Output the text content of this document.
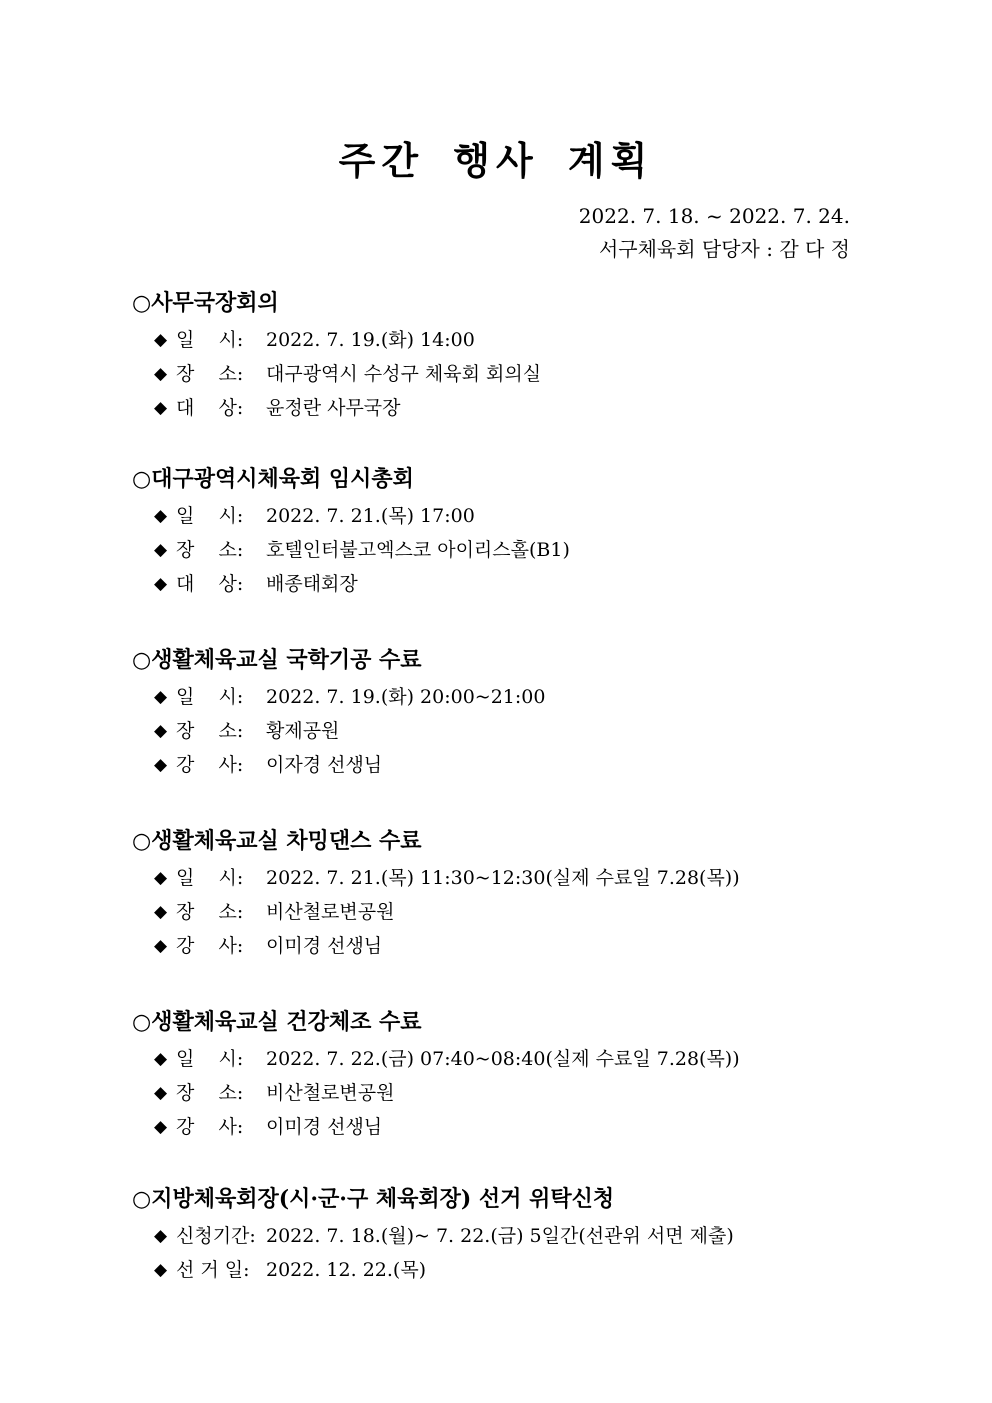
주간 행사 계획
2022. 7. 18. ~ 2022. 7. 24.
서구체육회 담당자 : 감 다 정
○사무국장회의
◆ 일    시:	2022. 7. 19.(화) 14:00
◆ 장    소:	대구광역시 수성구 체육회 회의실
◆ 대    상:	윤정란 사무국장
○대구광역시체육회 임시총회
◆ 일    시:	2022. 7. 21.(목) 17:00
◆ 장    소:	호텔인터불고엑스코 아이리스홀(B1)
◆ 대    상:	배종태회장
○생활체육교실 국학기공 수료
◆ 일    시:	2022. 7. 19.(화) 20:00~21:00
◆ 장    소:	황제공원
◆ 강    사:	이자경 선생님
○생활체육교실 차밍댄스 수료
◆ 일    시:	2022. 7. 21.(목) 11:30~12:30(실제 수료일 7.28(목))
◆ 장    소:	비산철로변공원
◆ 강    사:	이미경 선생님
○생활체육교실 건강체조 수료
◆ 일    시:	2022. 7. 22.(금) 07:40~08:40(실제 수료일 7.28(목))
◆ 장    소:	비산철로변공원
◆ 강    사:	이미경 선생님
○지방체육회장(시·군·구 체육회장) 선거 위탁신청
◆ 신청기간: 2022. 7. 18.(월)~ 7. 22.(금) 5일간(선관위 서면 제출)
◆ 선 거 일: 2022. 12. 22.(목)
